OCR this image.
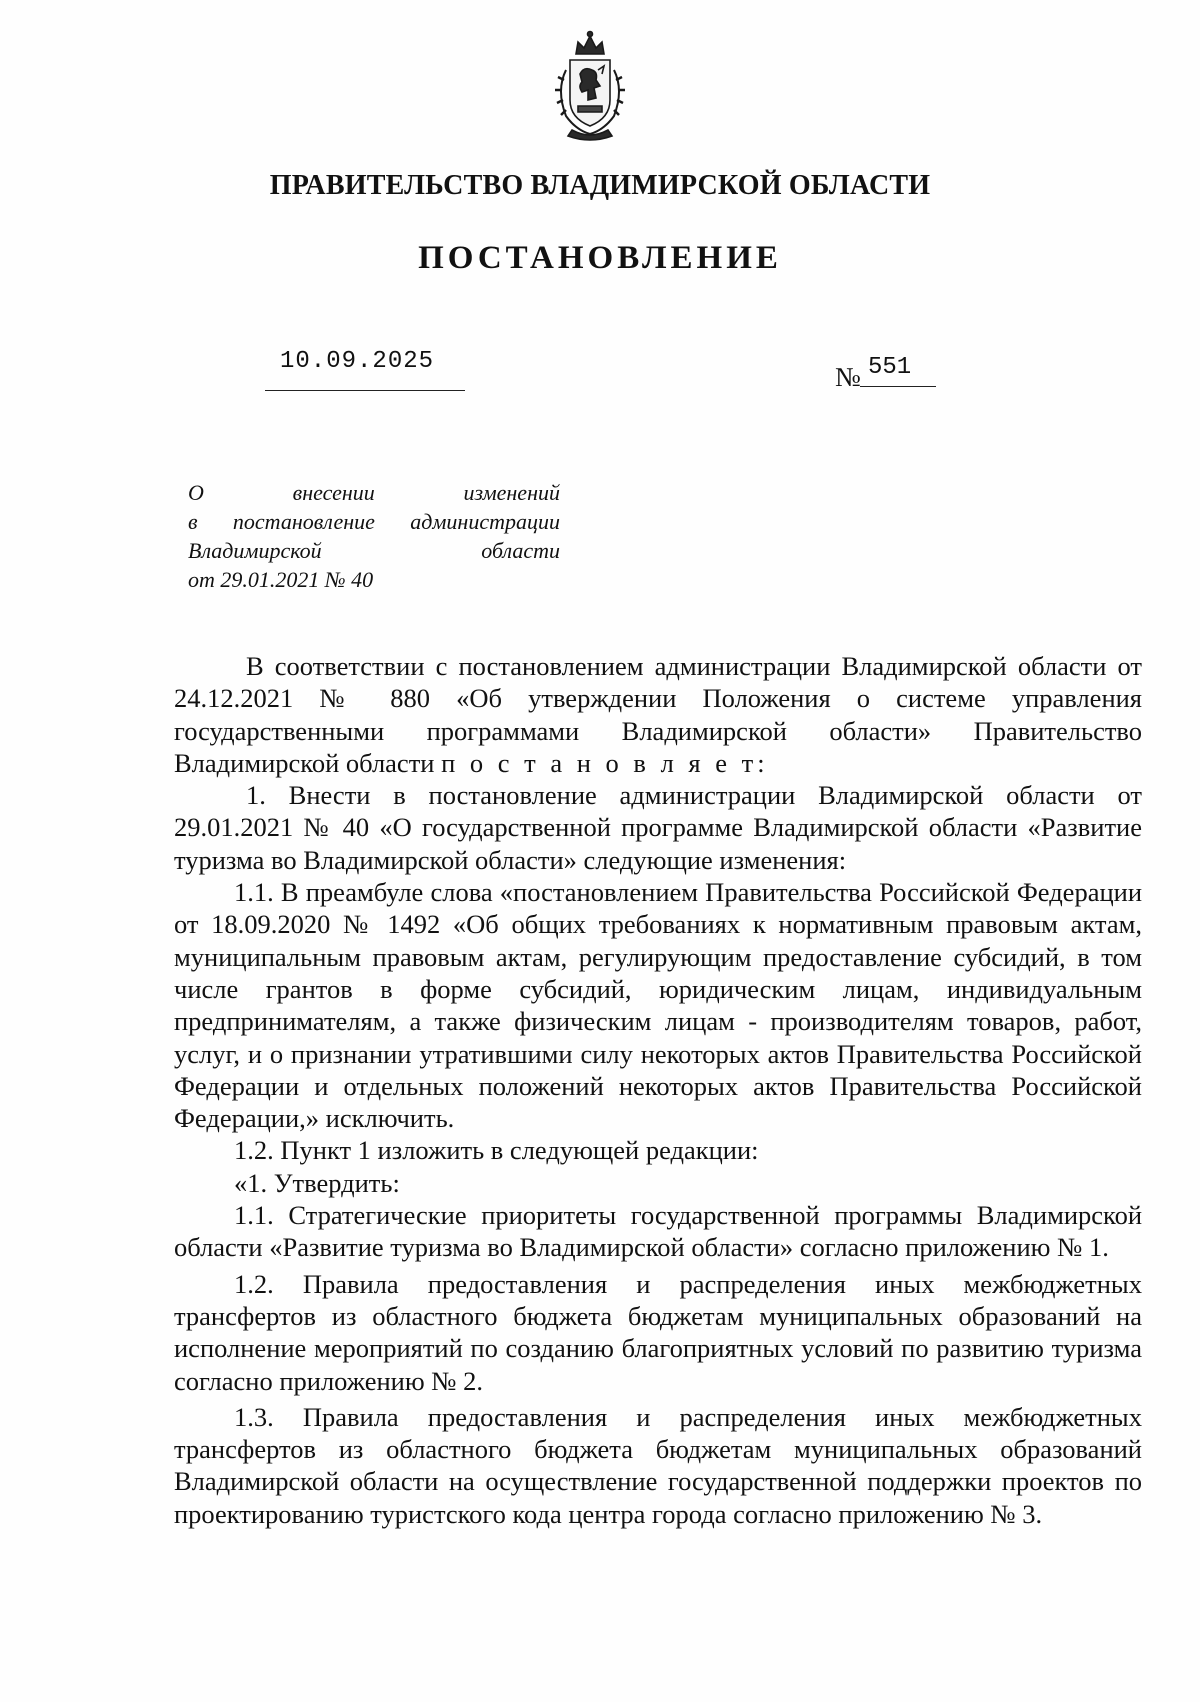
ПРАВИТЕЛЬСТВО ВЛАДИМИРСКОЙ ОБЛАСТИ
ПОСТАНОВЛЕНИЕ
10.09.2025
№ 551
О	внесении	изменений
в постановление администрации
Владимирской	области
от 29.01.2021 № 40

В соответствии с постановлением администрации Владимирской области от 24.12.2021 № 880 «Об утверждении Положения о системе управления государственными программами Владимирской области» Правительство Владимирской области п о с т а н о в л я е т:

1. Внести в постановление администрации Владимирской области от 29.01.2021 № 40 «О государственной программе Владимирской области «Развитие туризма во Владимирской области» следующие изменения:

1.1. В преамбуле слова «постановлением Правительства Российской Федерации от 18.09.2020 № 1492 «Об общих требованиях к нормативным правовым актам, муниципальным правовым актам, регулирующим предоставление субсидий, в том числе грантов в форме субсидий, юридическим лицам, индивидуальным предпринимателям, а также физическим лицам - производителям товаров, работ, услуг, и о признании утратившими силу некоторых актов Правительства Российской Федерации и отдельных положений некоторых актов Правительства Российской Федерации,» исключить.

1.2. Пункт 1 изложить в следующей редакции:

«1. Утвердить:

1.1. Стратегические приоритеты государственной программы Владимирской области «Развитие туризма во Владимирской области» согласно приложению № 1.

1.2. Правила предоставления и распределения иных межбюджетных трансфертов из областного бюджета бюджетам муниципальных образований на исполнение мероприятий по созданию благоприятных условий по развитию туризма согласно приложению № 2.

1.3. Правила предоставления и распределения иных межбюджетных трансфертов из областного бюджета бюджетам муниципальных образований Владимирской области на осуществление государственной поддержки проектов по проектированию туристского кода центра города согласно приложению № 3.
